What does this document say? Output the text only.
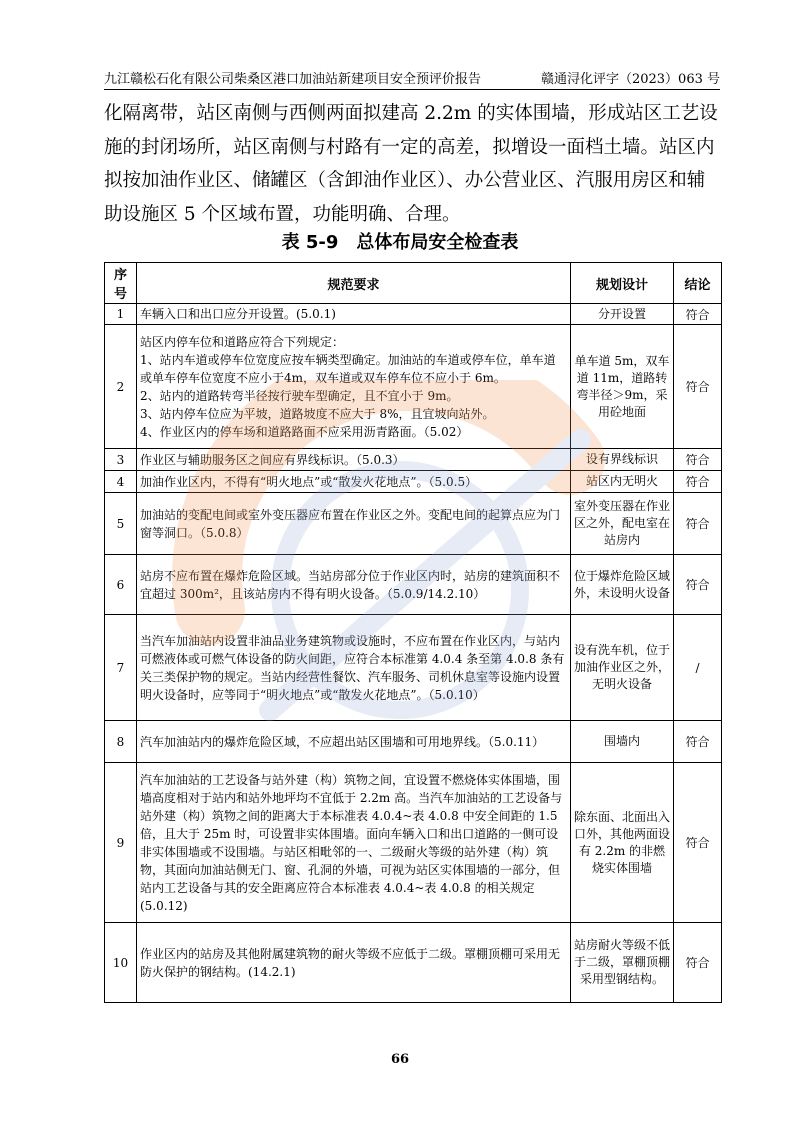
九江赣松石化有限公司柴桑区港口加油站新建项目安全预评价报告	赣通浔化评字（2023）063 号
化隔离带，站区南侧与西侧两面拟建高 2.2m 的实体围墙，形成站区工艺设
施的封闭场所，站区南侧与村路有一定的高差，拟增设一面档土墙。站区内
拟按加油作业区、储罐区（含卸油作业区）、办公营业区、汽服用房区和辅
助设施区 5 个区域布置，功能明确、合理。
表 5-9　总体布局安全检查表
序号	规范要求	规划设计	结论
1	车辆入口和出口应分开设置。(5.0.1)	分开设置	符合
2	站区内停车位和道路应符合下列规定：
1、站内车道或停车位宽度应按车辆类型确定。加油站的车道或停车位，单车道或单车停车位宽度不应小于4m，双车道或双车停车位不应小于 6m。
2、站内的道路转弯半径按行驶车型确定，且不宜小于 9m。
3、站内停车位应为平坡，道路坡度不应大于 8%，且宜坡向站外。
4、作业区内的停车场和道路路面不应采用沥青路面。（5.02）	单车道 5m，双车道 11m，道路转弯半径＞9m，采用砼地面	符合
3	作业区与辅助服务区之间应有界线标识。（5.0.3）	设有界线标识	符合
4	加油作业区内，不得有“明火地点”或“散发火花地点”。（5.0.5）	站区内无明火	符合
5	加油站的变配电间或室外变压器应布置在作业区之外。变配电间的起算点应为门窗等洞口。（5.0.8）	室外变压器在作业区之外，配电室在站房内	符合
6	站房不应布置在爆炸危险区域。当站房部分位于作业区内时，站房的建筑面积不宜超过 300m²，且该站房内不得有明火设备。（5.0.9/14.2.10）	位于爆炸危险区域外，未设明火设备	符合
7	当汽车加油站内设置非油品业务建筑物或设施时，不应布置在作业区内，与站内可燃液体或可燃气体设备的防火间距，应符合本标准第 4.0.4 条至第 4.0.8 条有关三类保护物的规定。当站内经营性餐饮、汽车服务、司机休息室等设施内设置明火设备时，应等同于“明火地点”或“散发火花地点”。（5.0.10）	设有洗车机，位于加油作业区之外，无明火设备	/
8	汽车加油站内的爆炸危险区域，不应超出站区围墙和可用地界线。（5.0.11）	围墙内	符合
9	汽车加油站的工艺设备与站外建（构）筑物之间，宜设置不燃烧体实体围墙，围墙高度相对于站内和站外地坪均不宜低于 2.2m 高。当汽车加油站的工艺设备与站外建（构）筑物之间的距离大于本标准表 4.0.4~表 4.0.8 中安全间距的 1.5 倍，且大于 25m 时，可设置非实体围墙。面向车辆入口和出口道路的一侧可设非实体围墙或不设围墙。与站区相毗邻的一、二级耐火等级的站外建（构）筑物，其面向加油站侧无门、窗、孔洞的外墙，可视为站区实体围墙的一部分，但站内工艺设备与其的安全距离应符合本标准表 4.0.4~表 4.0.8 的相关规定(5.0.12)	除东面、北面出入口外，其他两面设有 2.2m 的非燃烧实体围墙	符合
10	作业区内的站房及其他附属建筑物的耐火等级不应低于二级。罩棚顶棚可采用无防火保护的钢结构。(14.2.1)	站房耐火等级不低于二级，罩棚顶棚采用型钢结构。	符合
66
